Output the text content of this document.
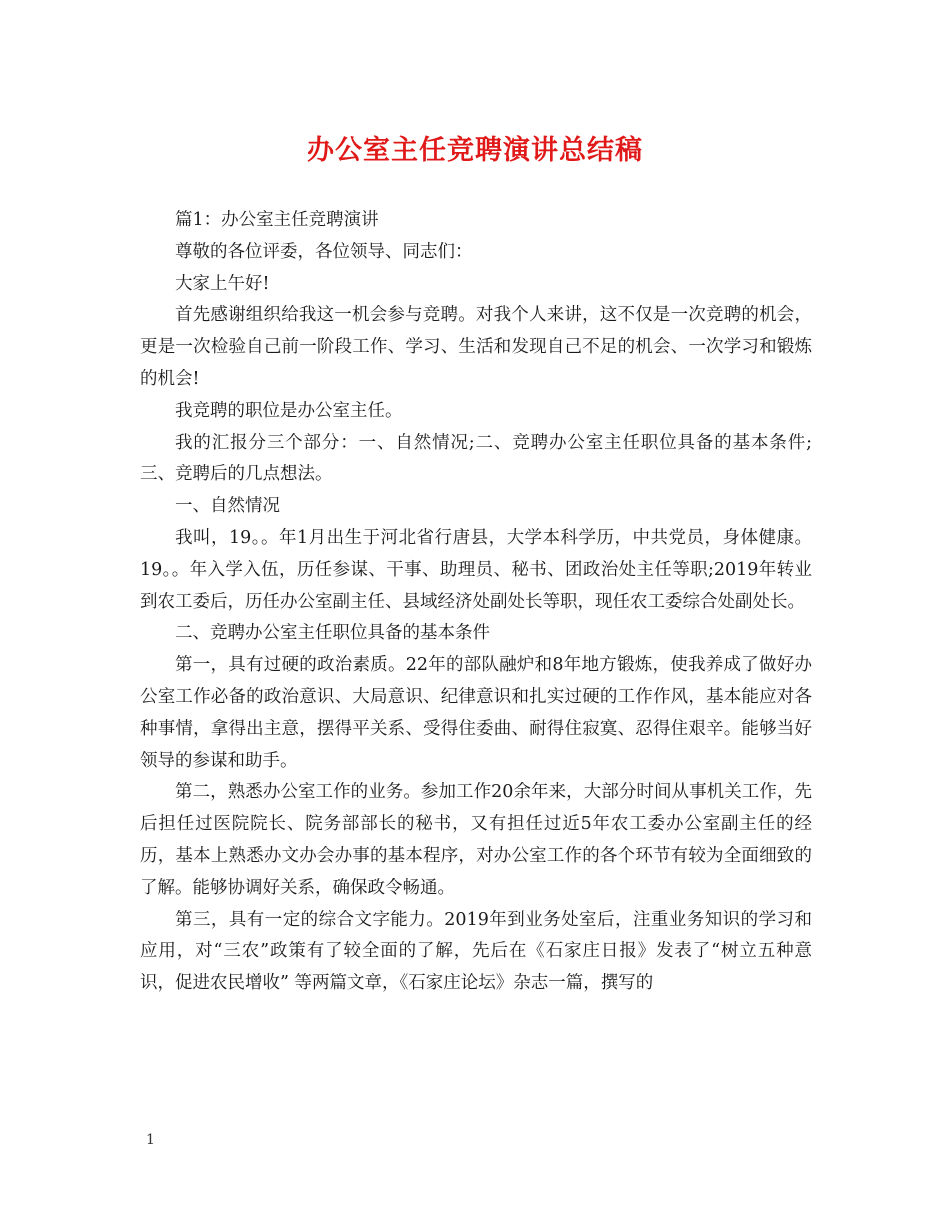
办公室主任竞聘演讲总结稿

篇1：办公室主任竞聘演讲

尊敬的各位评委，各位领导、同志们：

大家上午好!

首先感谢组织给我这一机会参与竞聘。对我个人来讲，这不仅是一次竞聘的机会，更是一次检验自己前一阶段工作、学习、生活和发现自己不足的机会、一次学习和锻炼的机会!

我竞聘的职位是办公室主任。

我的汇报分三个部分：一、自然情况;二、竞聘办公室主任职位具备的基本条件;三、竞聘后的几点想法。

一、自然情况

我叫，19。。年1月出生于河北省行唐县，大学本科学历，中共党员，身体健康。19。。年入学入伍，历任参谋、干事、助理员、秘书、团政治处主任等职;2019年转业到农工委后，历任办公室副主任、县域经济处副处长等职，现任农工委综合处副处长。

二、竞聘办公室主任职位具备的基本条件

第一，具有过硬的政治素质。22年的部队融炉和8年地方锻炼，使我养成了做好办公室工作必备的政治意识、大局意识、纪律意识和扎实过硬的工作作风，基本能应对各种事情，拿得出主意，摆得平关系、受得住委曲、耐得住寂寞、忍得住艰辛。能够当好领导的参谋和助手。

第二，熟悉办公室工作的业务。参加工作20余年来，大部分时间从事机关工作，先后担任过医院院长、院务部部长的秘书，又有担任过近5年农工委办公室副主任的经历，基本上熟悉办文办会办事的基本程序，对办公室工作的各个环节有较为全面细致的了解。能够协调好关系，确保政令畅通。

第三，具有一定的综合文字能力。2019年到业务处室后，注重业务知识的学习和应用，对“三农”政策有了较全面的了解，先后在《石家庄日报》发表了“树立五种意识，促进农民增收” 等两篇文章，《石家庄论坛》杂志一篇，撰写的

1
